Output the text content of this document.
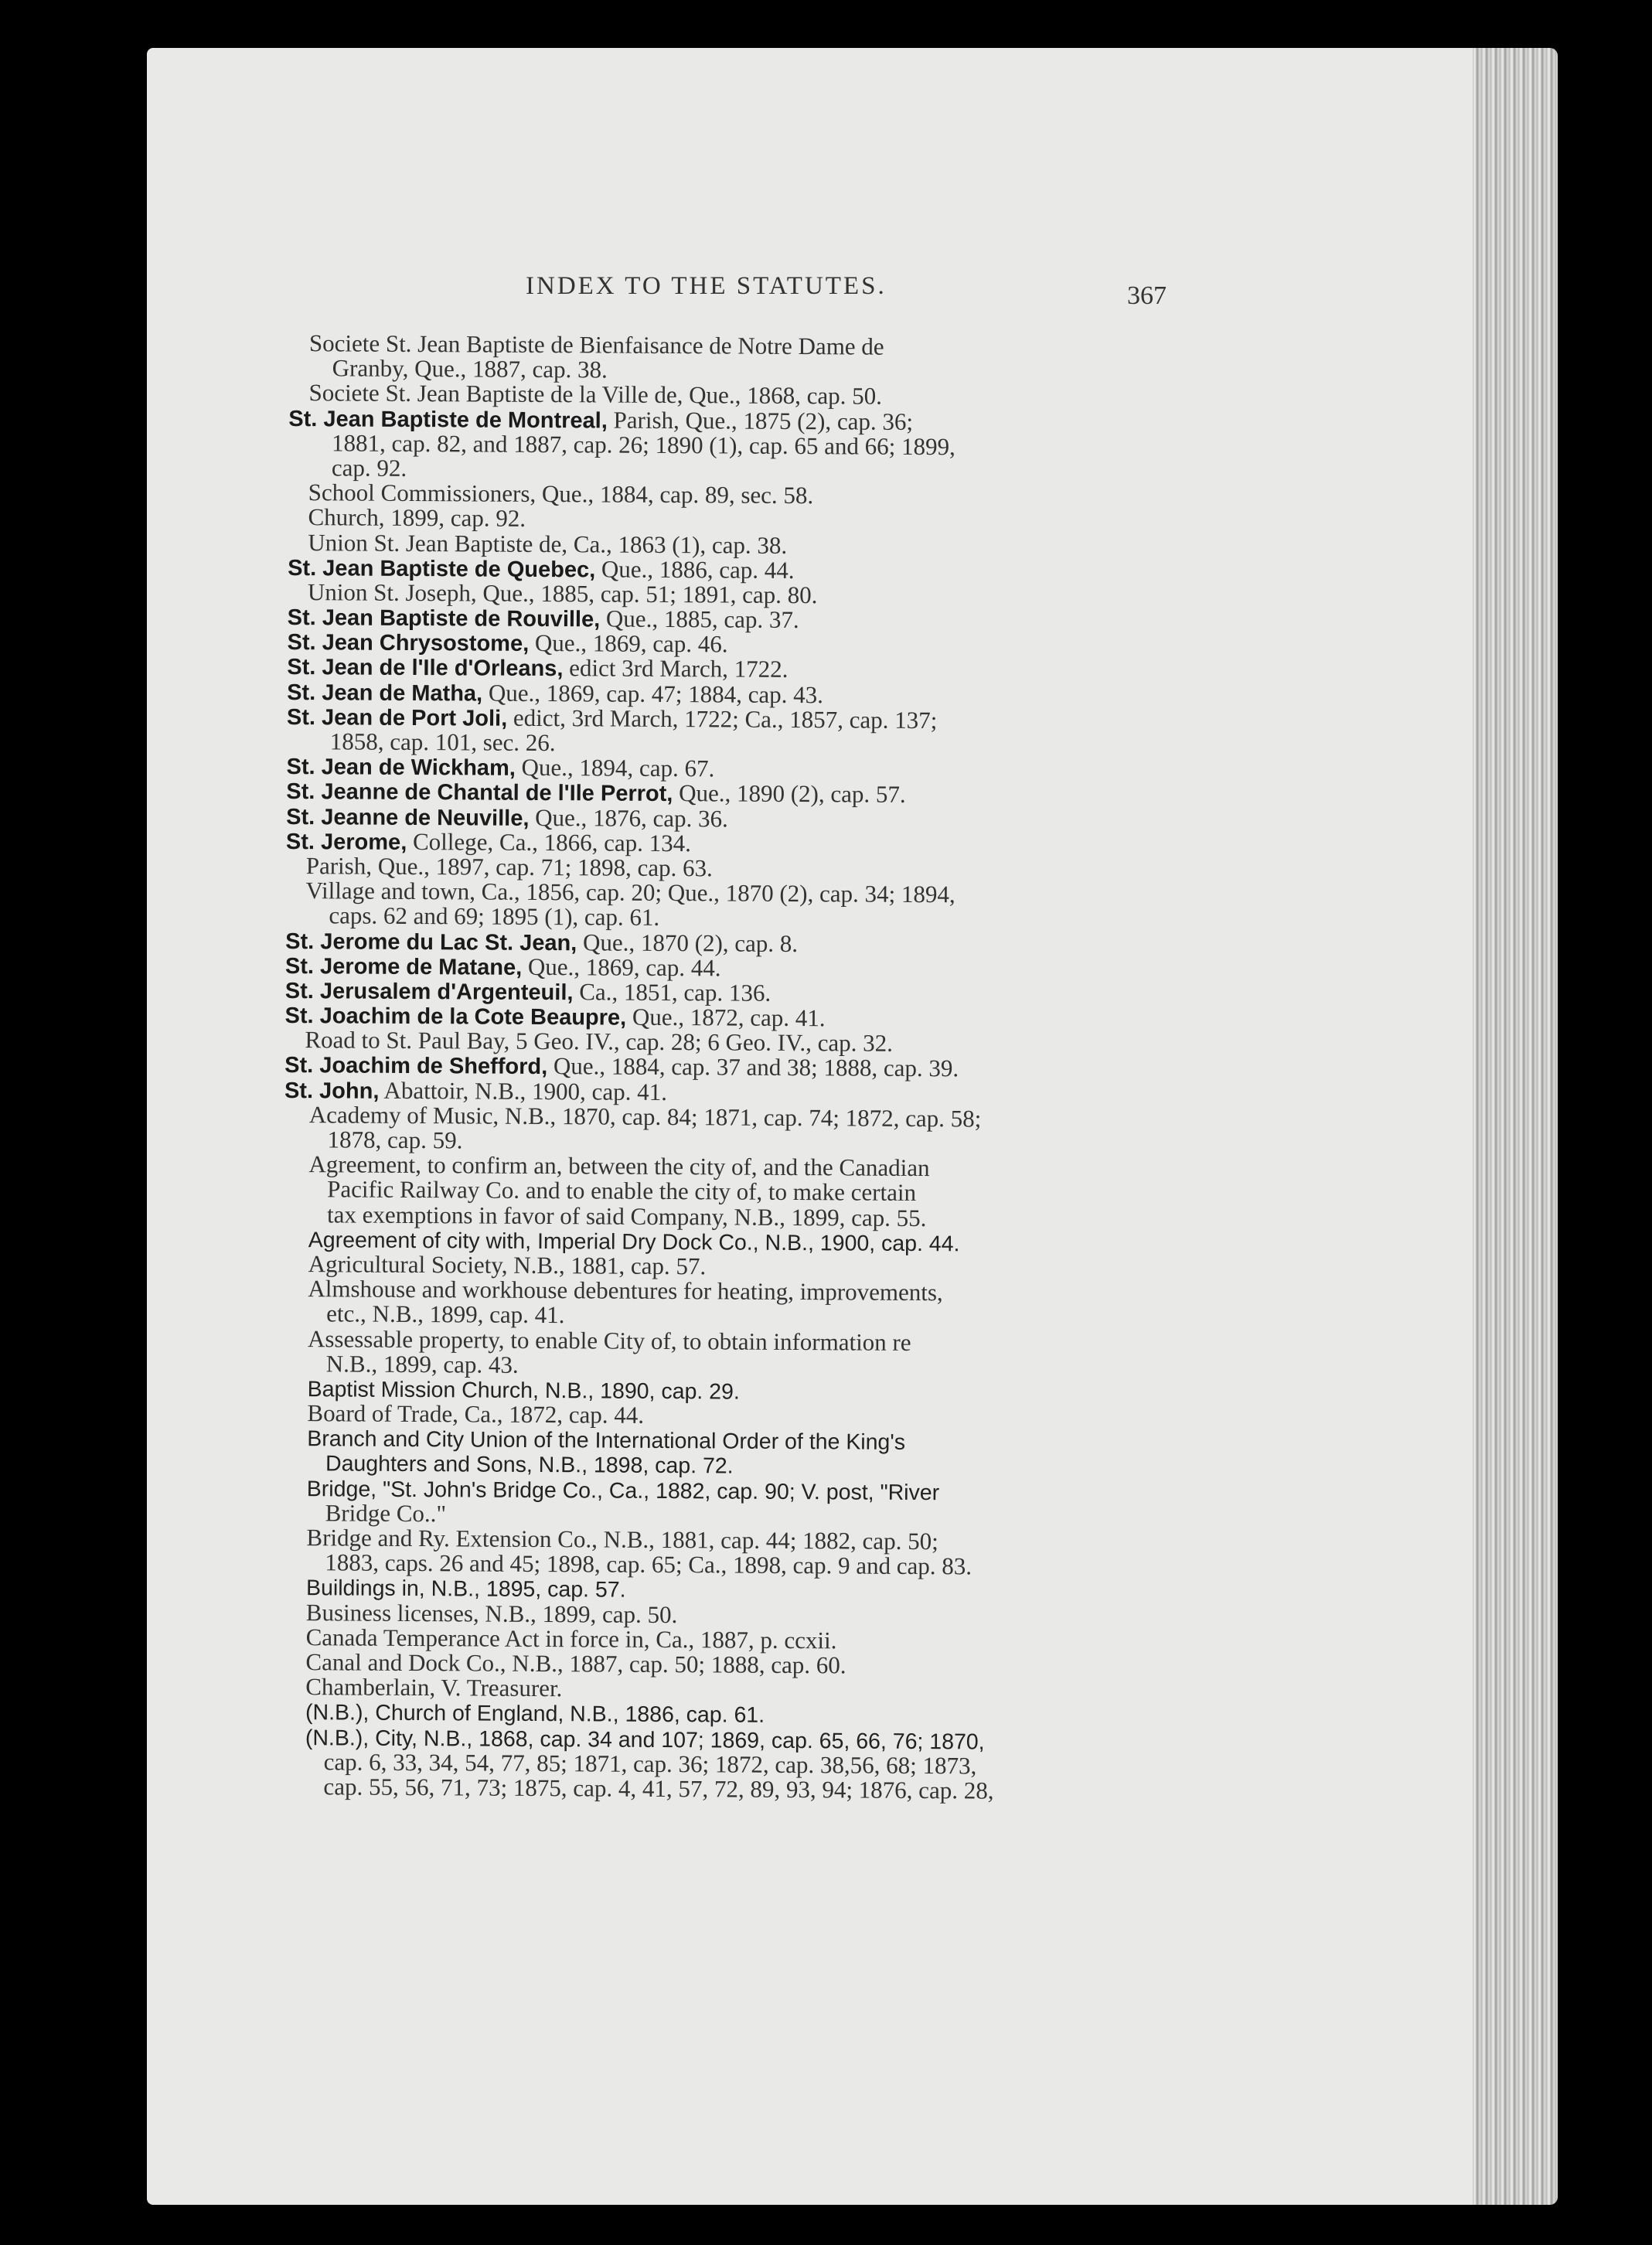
INDEX TO THE STATUTES.	367
Societe St. Jean Baptiste de Bienfaisance de Notre Dame de
Granby, Que., 1887, cap. 38.
Societe St. Jean Baptiste de la Ville de, Que., 1868, cap. 50.
St. Jean Baptiste de Montreal, Parish, Que., 1875 (2), cap. 36;
1881, cap. 82, and 1887, cap. 26; 1890 (1), cap. 65 and 66; 1899,
cap. 92.
School Commissioners, Que., 1884, cap. 89, sec. 58.
Church, 1899, cap. 92.
Union St. Jean Baptiste de, Ca., 1863 (1), cap. 38.
St. Jean Baptiste de Quebec, Que., 1886, cap. 44.
Union St. Joseph, Que., 1885, cap. 51; 1891, cap. 80.
St. Jean Baptiste de Rouville, Que., 1885, cap. 37.
St. Jean Chrysostome, Que., 1869, cap. 46.
St. Jean de l'Ile d'Orleans, edict 3rd March, 1722.
St. Jean de Matha, Que., 1869, cap. 47; 1884, cap. 43.
St. Jean de Port Joli, edict, 3rd March, 1722; Ca., 1857, cap. 137;
1858, cap. 101, sec. 26.
St. Jean de Wickham, Que., 1894, cap. 67.
St. Jeanne de Chantal de l'Ile Perrot, Que., 1890 (2), cap. 57.
St. Jeanne de Neuville, Que., 1876, cap. 36.
St. Jerome, College, Ca., 1866, cap. 134.
Parish, Que., 1897, cap. 71; 1898, cap. 63.
Village and town, Ca., 1856, cap. 20; Que., 1870 (2), cap. 34; 1894,
caps. 62 and 69; 1895 (1), cap. 61.
St. Jerome du Lac St. Jean, Que., 1870 (2), cap. 8.
St. Jerome de Matane, Que., 1869, cap. 44.
St. Jerusalem d'Argenteuil, Ca., 1851, cap. 136.
St. Joachim de la Cote Beaupre, Que., 1872, cap. 41.
Road to St. Paul Bay, 5 Geo. IV., cap. 28; 6 Geo. IV., cap. 32.
St. Joachim de Shefford, Que., 1884, cap. 37 and 38; 1888, cap. 39.
St. John, Abattoir, N.B., 1900, cap. 41.
Academy of Music, N.B., 1870, cap. 84; 1871, cap. 74; 1872, cap. 58;
1878, cap. 59.
Agreement, to confirm an, between the city of, and the Canadian
Pacific Railway Co. and to enable the city of, to make certain
tax exemptions in favor of said Company, N.B., 1899, cap. 55.
Agreement of city with, Imperial Dry Dock Co., N.B., 1900, cap. 44.
Agricultural Society, N.B., 1881, cap. 57.
Almshouse and workhouse debentures for heating, improvements,
etc., N.B., 1899, cap. 41.
Assessable property, to enable City of, to obtain information re
N.B., 1899, cap. 43.
Baptist Mission Church, N.B., 1890, cap. 29.
Board of Trade, Ca., 1872, cap. 44.
Branch and City Union of the International Order of the King's
Daughters and Sons, N.B., 1898, cap. 72.
Bridge, "St. John's Bridge Co., Ca., 1882, cap. 90; V. post, "River
Bridge Co.."
Bridge and Ry. Extension Co., N.B., 1881, cap. 44; 1882, cap. 50;
1883, caps. 26 and 45; 1898, cap. 65; Ca., 1898, cap. 9 and cap. 83.
Buildings in, N.B., 1895, cap. 57.
Business licenses, N.B., 1899, cap. 50.
Canada Temperance Act in force in, Ca., 1887, p. ccxii.
Canal and Dock Co., N.B., 1887, cap. 50; 1888, cap. 60.
Chamberlain, V. Treasurer.
(N.B.), Church of England, N.B., 1886, cap. 61.
(N.B.), City, N.B., 1868, cap. 34 and 107; 1869, cap. 65, 66, 76; 1870,
cap. 6, 33, 34, 54, 77, 85; 1871, cap. 36; 1872, cap. 38,56, 68; 1873,
cap. 55, 56, 71, 73; 1875, cap. 4, 41, 57, 72, 89, 93, 94; 1876, cap. 28,
